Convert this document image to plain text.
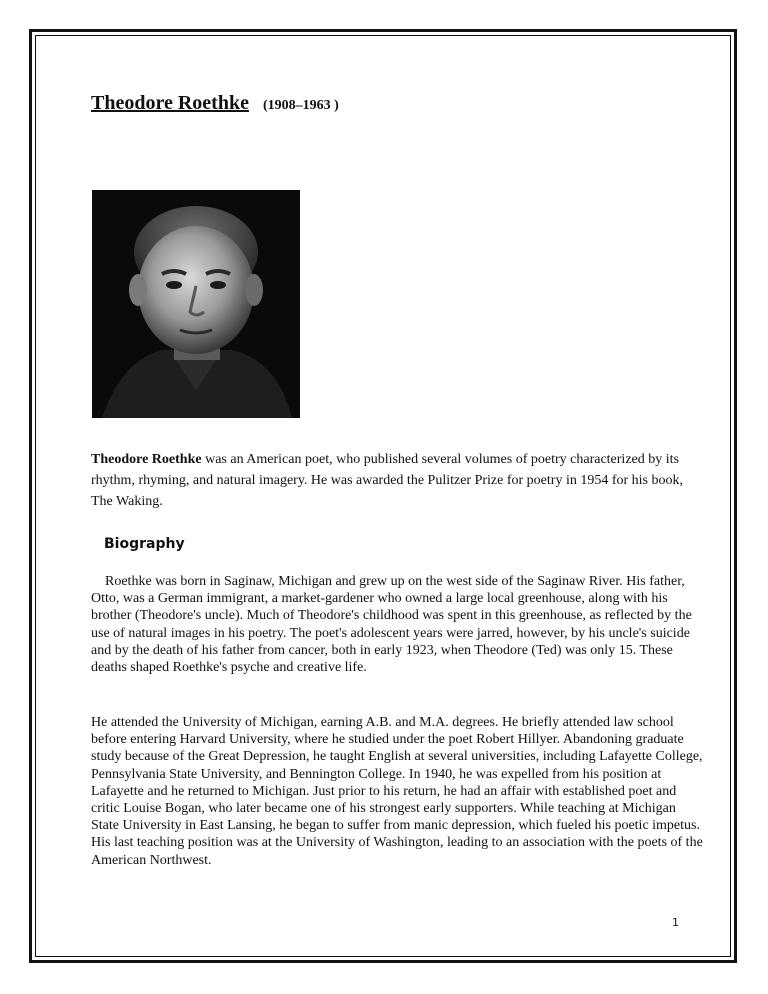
Theodore Roethke (1908–1963 )
Theodore Roethke was an American poet, who published several volumes of poetry characterized by its rhythm, rhyming, and natural imagery. He was awarded the Pulitzer Prize for poetry in 1954 for his book, The Waking.
Biography

Roethke was born in Saginaw, Michigan and grew up on the west side of the Saginaw River. His father, Otto, was a German immigrant, a market-gardener who owned a large local greenhouse, along with his brother (Theodore's uncle). Much of Theodore's childhood was spent in this greenhouse, as reflected by the use of natural images in his poetry. The poet's adolescent years were jarred, however, by his uncle's suicide and by the death of his father from cancer, both in early 1923, when Theodore (Ted) was only 15. These deaths shaped Roethke's psyche and creative life.

He attended the University of Michigan, earning A.B. and M.A. degrees. He briefly attended law school before entering Harvard University, where he studied under the poet Robert Hillyer. Abandoning graduate study because of the Great Depression, he taught English at several universities, including Lafayette College, Pennsylvania State University, and Bennington College. In 1940, he was expelled from his position at Lafayette and he returned to Michigan. Just prior to his return, he had an affair with established poet and critic Louise Bogan, who later became one of his strongest early supporters. While teaching at Michigan State University in East Lansing, he began to suffer from manic depression, which fueled his poetic impetus. His last teaching position was at the University of Washington, leading to an association with the poets of the American Northwest.

1
